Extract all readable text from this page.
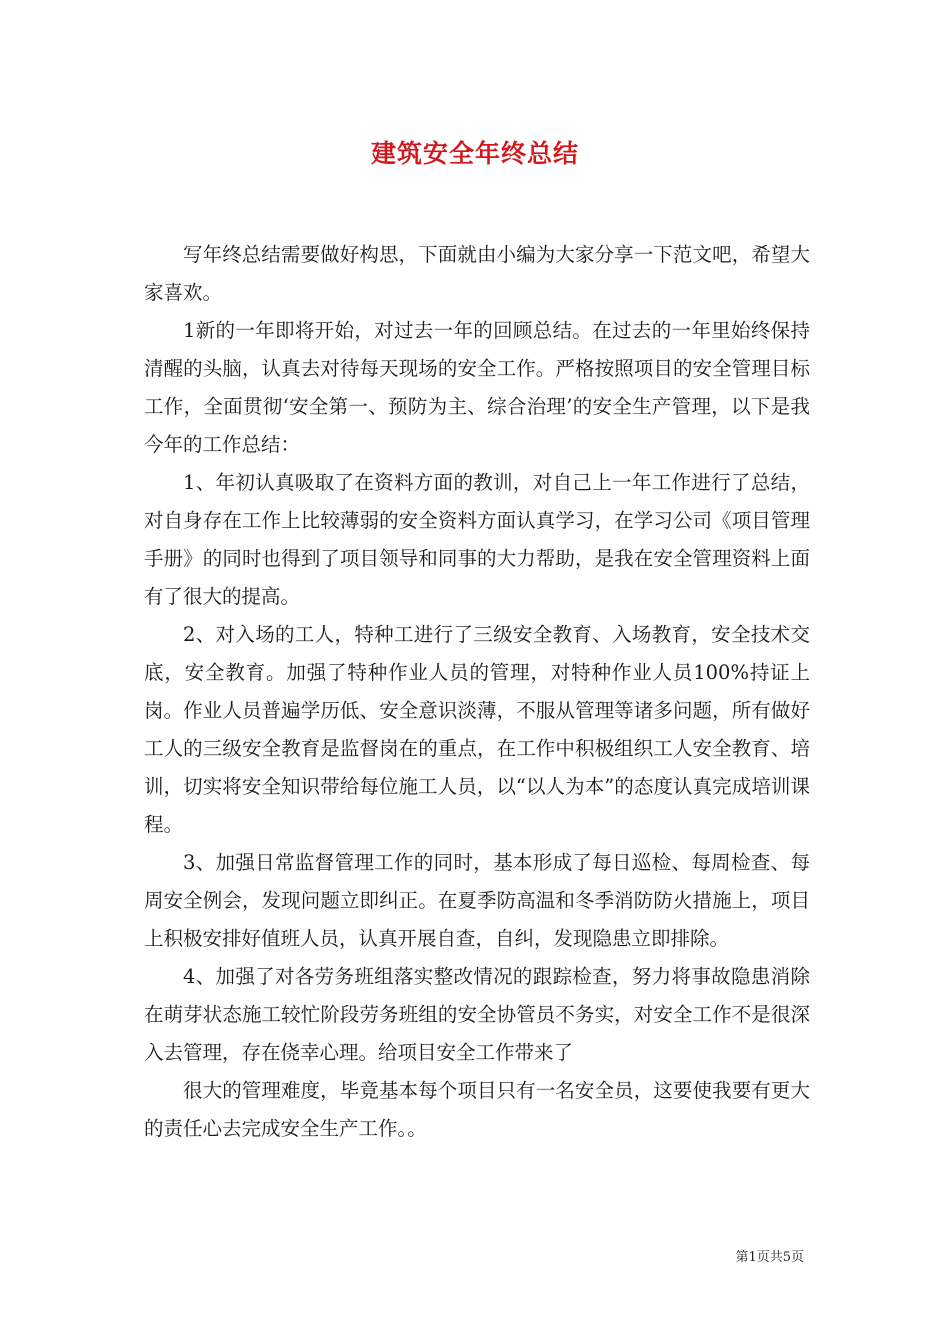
建筑安全年终总结

写年终总结需要做好构思，下面就由小编为大家分享一下范文吧，希望大家喜欢。

1新的一年即将开始，对过去一年的回顾总结。在过去的一年里始终保持清醒的头脑，认真去对待每天现场的安全工作。严格按照项目的安全管理目标工作，全面贯彻‘安全第一、预防为主、综合治理’的安全生产管理，以下是我今年的工作总结：

1、年初认真吸取了在资料方面的教训，对自己上一年工作进行了总结，对自身存在工作上比较薄弱的安全资料方面认真学习，在学习公司《项目管理手册》的同时也得到了项目领导和同事的大力帮助，是我在安全管理资料上面有了很大的提高。

2、对入场的工人，特种工进行了三级安全教育、入场教育，安全技术交底，安全教育。加强了特种作业人员的管理，对特种作业人员100%持证上岗。作业人员普遍学历低、安全意识淡薄，不服从管理等诸多问题，所有做好工人的三级安全教育是监督岗在的重点，在工作中积极组织工人安全教育、培训，切实将安全知识带给每位施工人员，以“以人为本”的态度认真完成培训课程。

3、加强日常监督管理工作的同时，基本形成了每日巡检、每周检查、每周安全例会，发现问题立即纠正。在夏季防高温和冬季消防防火措施上，项目上积极安排好值班人员，认真开展自查，自纠，发现隐患立即排除。

4、加强了对各劳务班组落实整改情况的跟踪检查，努力将事故隐患消除在萌芽状态施工较忙阶段劳务班组的安全协管员不务实，对安全工作不是很深入去管理，存在侥幸心理。给项目安全工作带来了

很大的管理难度，毕竟基本每个项目只有一名安全员，这要使我要有更大的责任心去完成安全生产工作。。

第1页共5页
